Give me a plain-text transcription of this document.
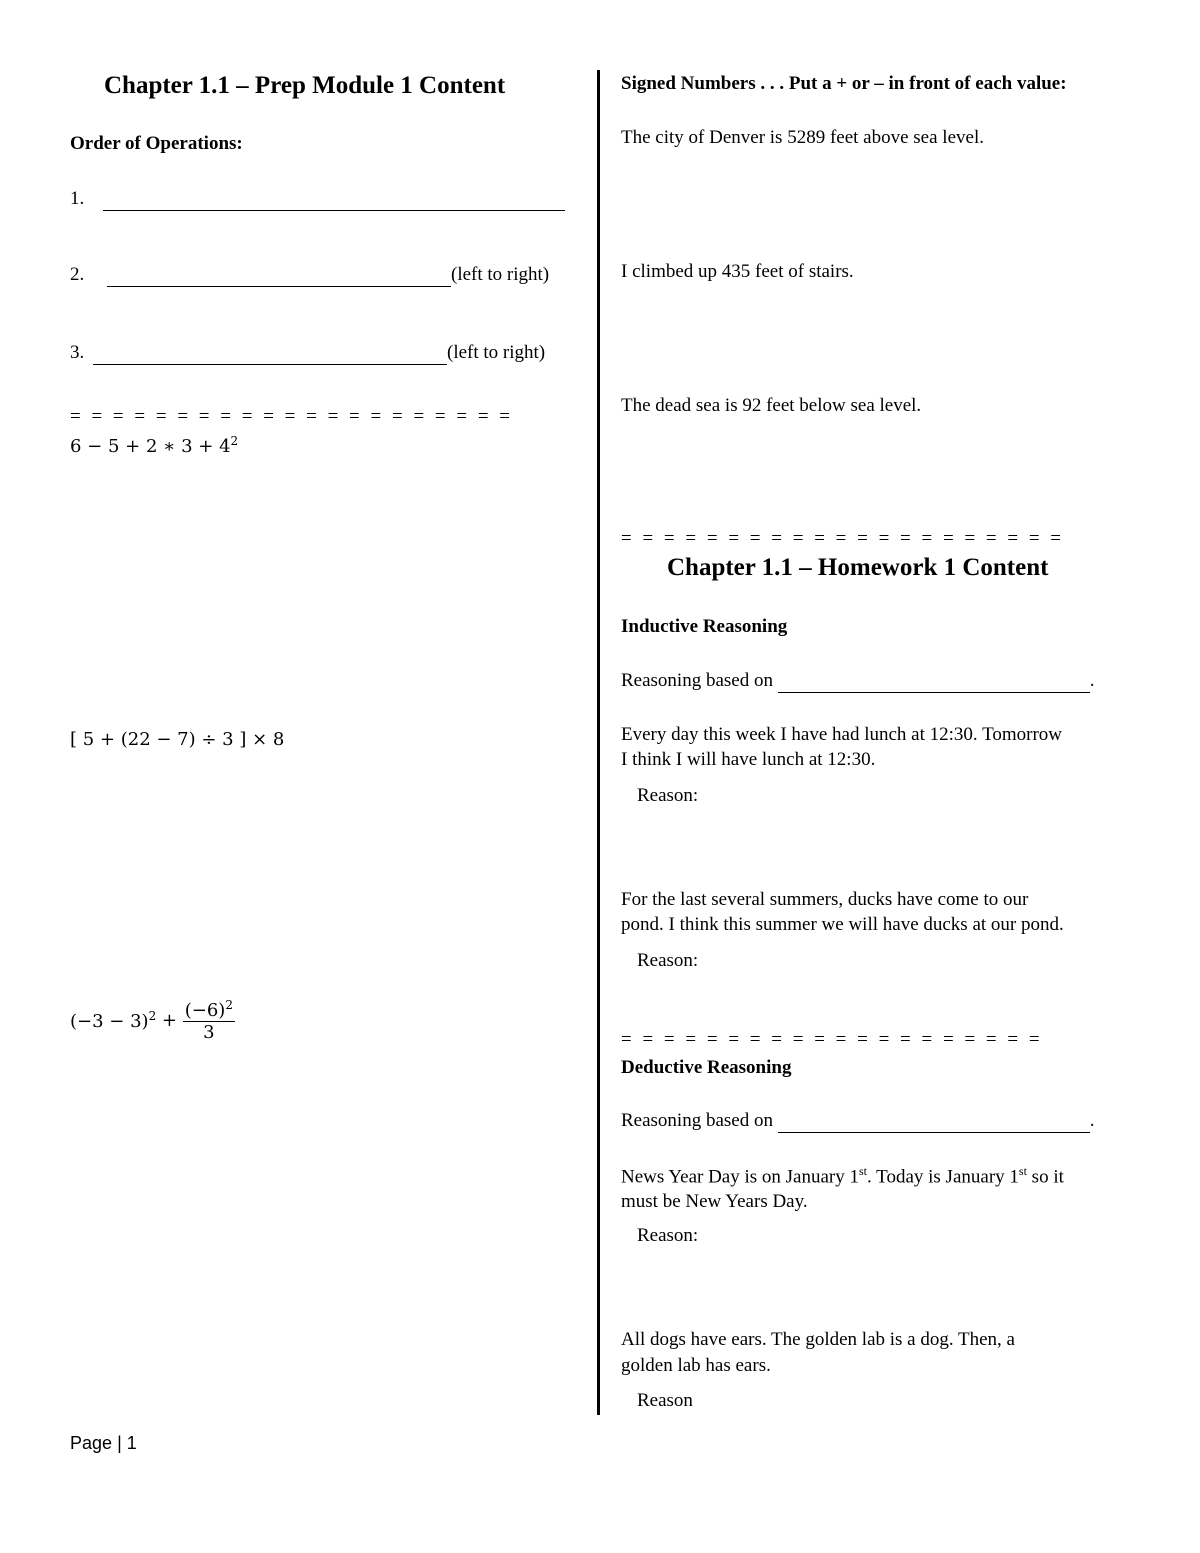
Chapter 1.1 – Prep Module 1 Content
Order of Operations:
1.
2.	(left to right)
3.	(left to right)
= = = = = = = = = = = = = = = = = = = = =
6 − 5 + 2 ∗ $3 + 4^2$
[ 5 + (22 − 7) ÷ 3 ] × 8
$(-3 - 3)^2 + \frac{(-6)^2}{3}$
Signed Numbers . . . Put a + or – in front of each value:
The city of Denver is 5289 feet above sea level.
I climbed up 435 feet of stairs.
The dead sea is 92 feet below sea level.
= = = = = = = = = = = = = = = = = = = = =
Chapter 1.1 – Homework 1 Content
Inductive Reasoning
Reasoning based on	.
Every day this week I have had lunch at 12:30. Tomorrow
I think I will have lunch at 12:30.
Reason:
For the last several summers, ducks have come to our
pond. I think this summer we will have ducks at our pond.
Reason:
= = = = = = = = = = = = = = = = = = = =
Deductive Reasoning
Reasoning based on	.
News Year Day is on January 1st. Today is January 1st so it
must be New Years Day.
Reason:
All dogs have ears. The golden lab is a dog. Then, a
golden lab has ears.
Reason
Page | 1
